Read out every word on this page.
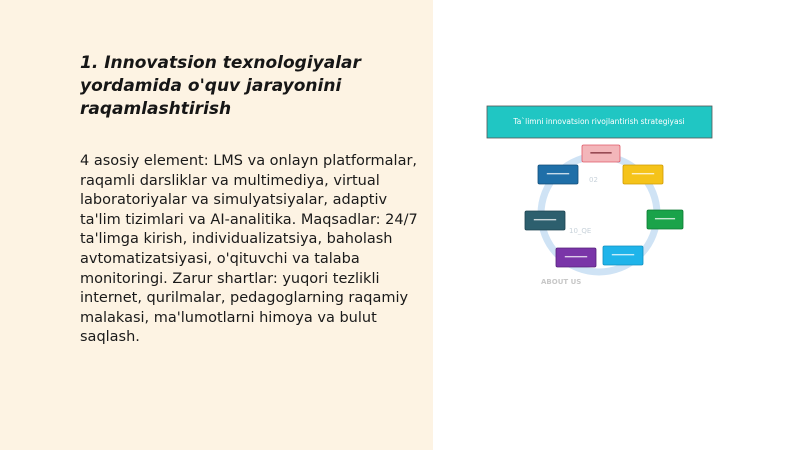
1. Innovatsion texnologiyalar yordamida o'quv jarayonini raqamlashtirish

4 asosiy element: LMS va onlayn platformalar, raqamli darsliklar va multimediya, virtual laboratoriyalar va simulyatsiyalar, adaptiv ta'lim tizimlari va AI-analitika. Maqsadlar: 24/7 ta'limga kirish, individualizatsiya, baholash avtomatizatsiyasi, o'qituvchi va talaba monitoringi. Zarur shartlar: yuqori tezlikli internet, qurilmalar, pedagoglarning raqamiy malakasi, ma'lumotlarni himoya va bulut saqlash.

Ta`limni innovatsion rivojlantirish strategiyasi
02
10_QE
ABOUT US
